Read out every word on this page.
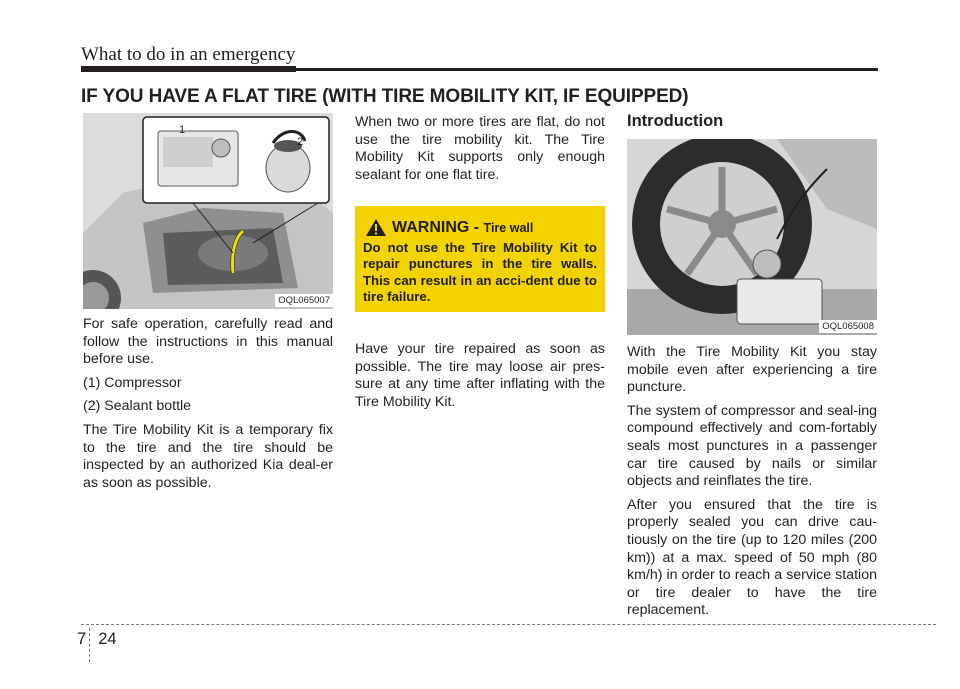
What to do in an emergency
IF YOU HAVE A FLAT TIRE (WITH TIRE MOBILITY KIT, IF EQUIPPED)
1
2
OQL065007

For safe operation, carefully read and follow the instructions in this manual before use.

(1) Compressor

(2) Sealant bottle

The Tire Mobility Kit is a temporary fix to the tire and the tire should be inspected by an authorized Kia deal-er as soon as possible.

When two or more tires are flat, do not use the tire mobility kit. The Tire Mobility Kit supports only enough sealant for one flat tire.

WARNING - Tire wall
Do not use the Tire Mobility Kit to repair punctures in the tire walls. This can result in an acci-dent due to tire failure.

Have your tire repaired as soon as possible. The tire may loose air pres-sure at any time after inflating with the Tire Mobility Kit.

Introduction
OQL065008

With the Tire Mobility Kit you stay mobile even after experiencing a tire puncture.

The system of compressor and seal-ing compound effectively and com-fortably seals most punctures in a passenger car tire caused by nails or similar objects and reinflates the tire.

After you ensured that the tire is properly sealed you can drive cau-tiously on the tire (up to 120 miles (200 km)) at a max. speed of 50 mph (80 km/h) in order to reach a service station or tire dealer to have the tire replacement.

7 24
